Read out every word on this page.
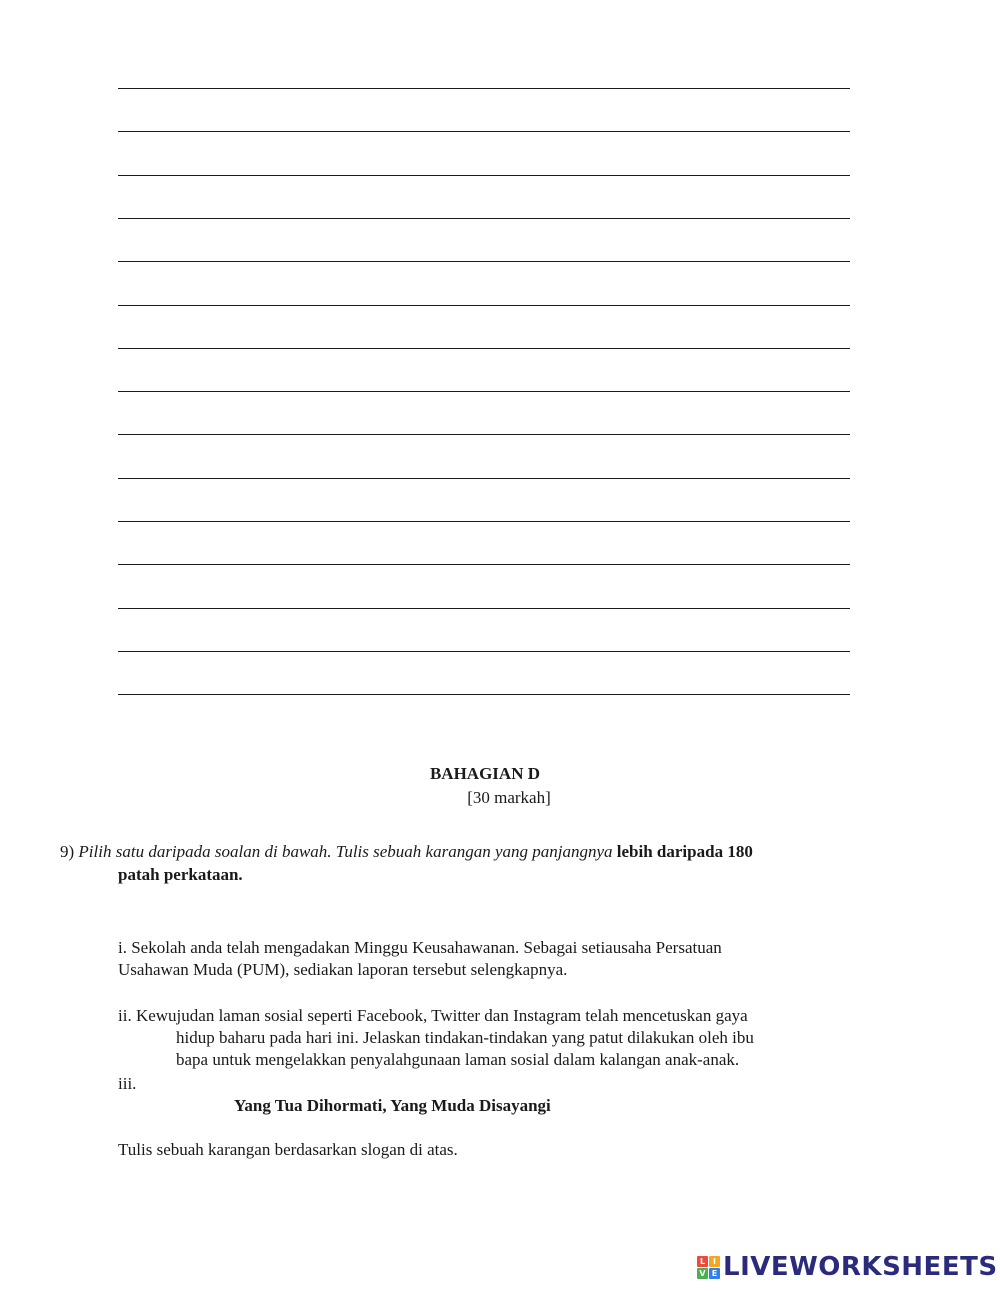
BAHAGIAN D
[30 markah]
9) Pilih satu daripada soalan di bawah. Tulis sebuah karangan yang panjangnya lebih daripada 180
patah perkataan.
i. Sekolah anda telah mengadakan Minggu Keusahawanan. Sebagai setiausaha Persatuan
Usahawan Muda (PUM), sediakan laporan tersebut selengkapnya.
ii. Kewujudan laman sosial seperti Facebook, Twitter dan Instagram telah mencetuskan gaya
hidup baharu pada hari ini. Jelaskan tindakan-tindakan yang patut dilakukan oleh ibu
bapa untuk mengelakkan penyalahgunaan laman sosial dalam kalangan anak-anak.
iii.
Yang Tua Dihormati, Yang Muda Disayangi
Tulis sebuah karangan berdasarkan slogan di atas.
L I
V E LIVEWORKSHEETS
